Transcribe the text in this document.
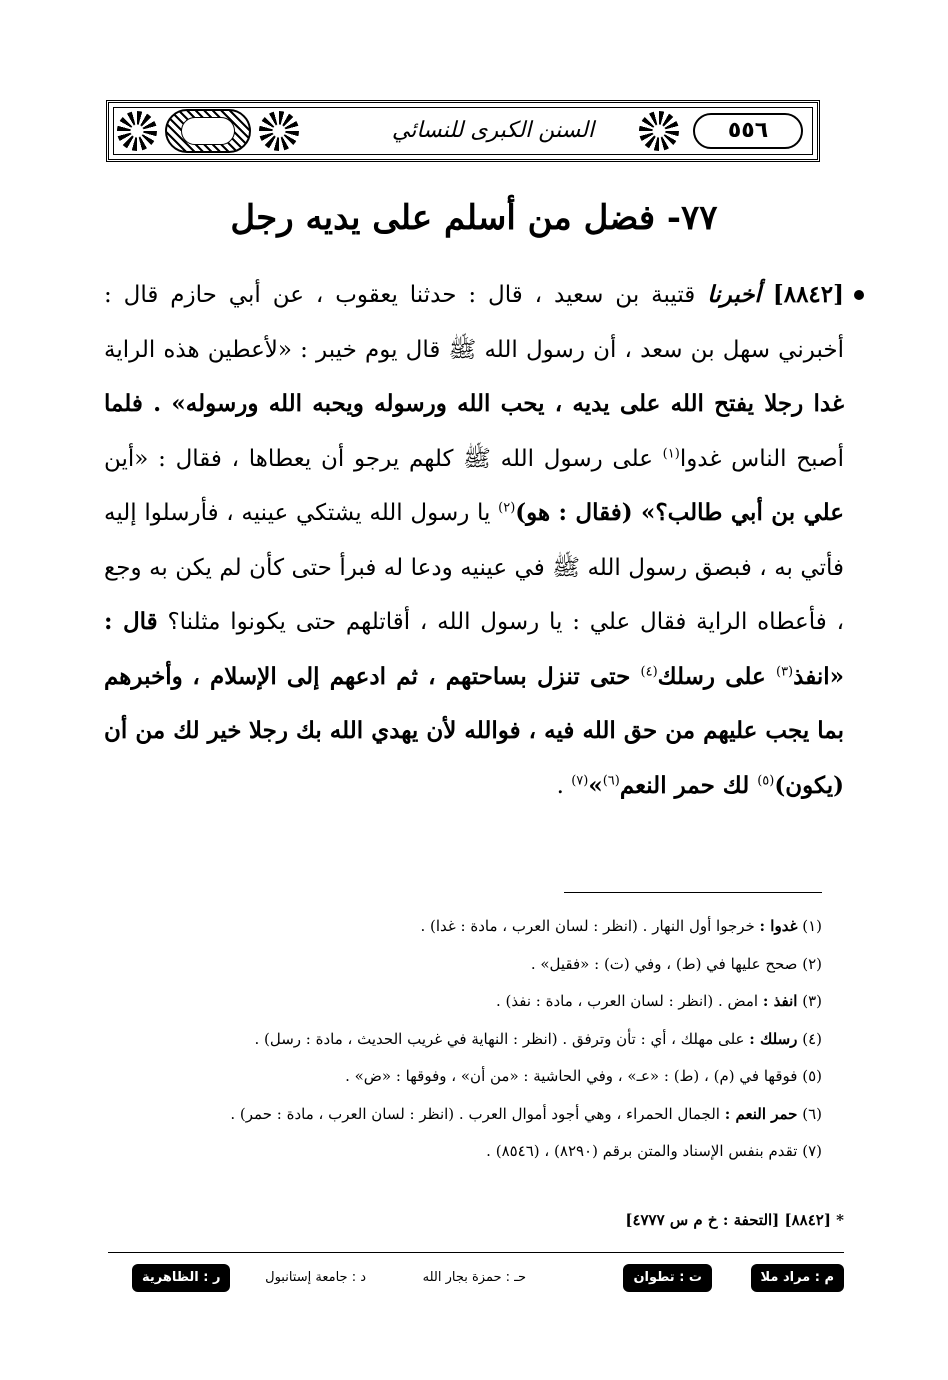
٥٥٦
السنن الكبرى للنسائي
٧٧- فضل من أسلم على يديه رجل

[٨٨٤٢] أخبرنا قتيبة بن سعيد ، قال : حدثنا يعقوب ، عن أبي حازم قال : أخبرني سهل بن سعد ، أن رسول الله ﷺ قال يوم خيبر : «لأعطين هذه الراية غدا رجلا يفتح الله على يديه ، يحب الله ورسوله ويحبه الله ورسوله» . فلما أصبح الناس غدوا$^{(١)}$ على رسول الله ﷺ كلهم يرجو أن يعطاها ، فقال : «أين علي بن أبي طالب؟» (فقال : هو)$^{(٢)}$ يا رسول الله يشتكي عينيه ، فأرسلوا إليه فأتي به ، فبصق رسول الله ﷺ في عينيه ودعا له فبرأ حتى كأن لم يكن به وجع ، فأعطاه الراية فقال علي : يا رسول الله ، أقاتلهم حتى يكونوا مثلنا؟ قال : «انفذ$^{(٣)}$ على رسلك$^{(٤)}$ حتى تنزل بساحتهم ، ثم ادعهم إلى الإسلام ، وأخبرهم بما يجب عليهم من حق الله فيه ، فوالله لأن يهدي الله بك رجلا خير لك من أن (يكون)$^{(٥)}$ لك حمر النعم$^{(٦)}$»$^{(٧)}$ .

(١) غدوا : خرجوا أول النهار . (انظر : لسان العرب ، مادة : غدا) .
(٢) صحح عليها في (ط) ، وفي (ت) : «فقيل» .
(٣) انفذ : امض . (انظر : لسان العرب ، مادة : نفذ) .
(٤) رسلك : على مهلك ، أي : تأن وترفق . (انظر : النهاية في غريب الحديث ، مادة : رسل) .
(٥) فوقها في (م) ، (ط) : «عـ» ، وفي الحاشية : «من أن» ، وفوقها : «ض» .
(٦) حمر النعم : الجمال الحمراء ، وهي أجود أموال العرب . (انظر : لسان العرب ، مادة : حمر) .
(٧) تقدم بنفس الإسناد والمتن برقم (٨٢٩٠) ، (٨٥٤٦) .
* [٨٨٤٢] [التحفة : خ م س ٤٧٧٧]
م : مراد ملا
ت : تطوان
حـ : حمزة بجار الله
د : جامعة إستانبول
ر : الظاهرية
